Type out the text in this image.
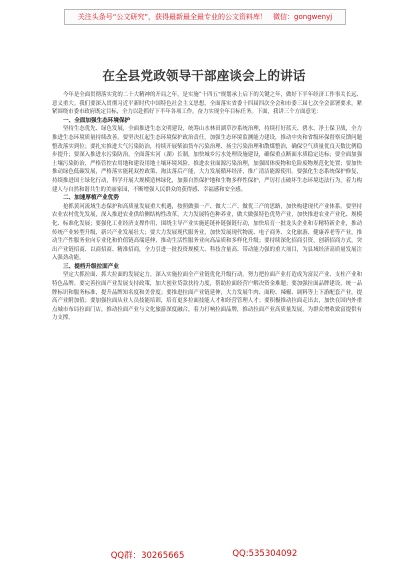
关注头条号“公文研究”，获得最新最全最专业的公文资料库！ 微信：gongwenyj
在全县党政领导干部座谈会上的讲话

今年是全面贯彻落实党的二十大精神的开局之年，是实施“十四五”规划承上启下的关键之年，做好下半年经济工作事关长远、意义重大。我们要深入贯彻习近平新时代中国特色社会主义思想，全面落实省委十四届四次全会和市委三届七次全会部署要求，紧紧围绕市委市政府既定目标，全力以赴抓好下半年各项工作，奋力实现全年目标任务。下面，我讲三个方面意见：

一、全面加强生态环境保护

坚持生态优先、绿色发展，全面推进生态文明建设，统筹山水林田湖草沙系统治理，持续打好蓝天、碧水、净土保卫战，全力推进生态环境质量持续改善。要坚决扛起生态环境保护政治责任，加强生态环境监测能力建设，推动中央和省级环保督察反馈问题整改落实到位；要扎实推进大气污染防治，持续开展柴油货车污染治理、扬尘污染治理和散煤整治，确保空气质量优良天数比例稳步提升；要深入推进水污染防治，全面落实河（湖）长制，加快城乡污水处理设施建设，确保重点断面水质稳定达标；要全面加强土壤污染防治，严格管控农用地和建设用地土壤环境风险，推进农业面源污染治理，加强固体废物和危险废物规范化处置；要加快推动绿色低碳发展，严格落实能耗双控政策，淘汰落后产能，大力发展循环经济，推广清洁能源使用。要强化生态系统保护修复，持续推进国土绿化行动，科学开展大规模造林绿化，加强自然保护地和生物多样性保护，严厉打击破坏生态环境违法行为，着力构建人与自然和谐共生的美丽家园，不断增强人民群众的获得感、幸福感和安全感。

二、加速厚植产业优势

抢抓黄河流域生态保护和高质量发展重大机遇，按照做强一产、做大二产、做优三产的思路，加快构建现代产业体系。要坚持农业农村优先发展，深入推进农业供给侧结构性改革，大力发展特色种养业，做大做强特色优势产业，加快推进农业产业化、规模化、标准化发展；要强化工业经济支撑作用，围绕主导产业实施延链补链强链行动，加快培育一批龙头企业和专精特新企业，推动传统产业转型升级、新兴产业发展壮大；要大力发展现代服务业，加快发展现代物流、电子商务、文化旅游、健康养老等产业，推动生产性服务业向专业化和价值链高端延伸，推动生活性服务业向高品质和多样化升级；要持续深化招商引资，创新招商方式，突出产业链招商、以商招商、精准招商，全力引进一批投资规模大、科技含量高、带动能力强的重大项目，为县域经济高质量发展注入强劲动能。

三、提档升级拉面产业

坚定大抓拉面、抓大拉面的发展定力，深入实施拉面全产业链优化升级行动。努力把拉面产业打造成为富民产业、支柱产业和特色品牌。要完善拉面产业发展支持政策，加大创业贷款扶持力度，帮助拉面经营户解决资金难题；要加强拉面品牌建设，统一品牌标识和服务标准，提升品牌知名度和美誉度；要推进拉面产业链延伸，大力发展牛肉、面粉、辣椒、调料等上下游配套产业，提高产业附加值；要加强拉面从业人员技能培训，培育更多拉面技能人才和经营管理人才；要积极推动拉面走出去，加快在国内外重点城市布局拉面门店，推动拉面产业与文化旅游深度融合，着力打响拉面品牌，推动拉面产业高质量发展，为群众增收致富提供有力支撑。

QQ群：30265665	QQ:535304092
